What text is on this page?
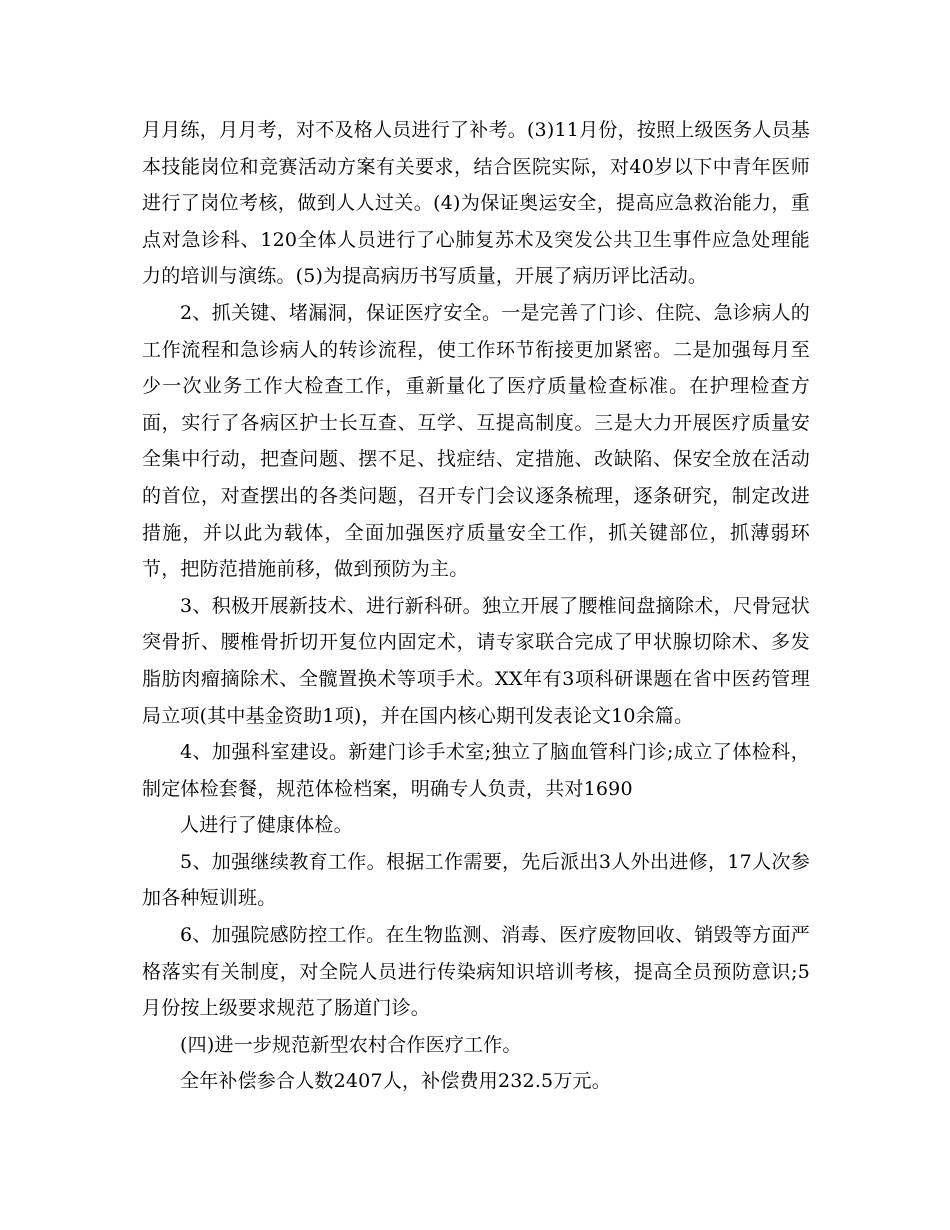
月月练，月月考，对不及格人员进行了补考。(3)11月份，按照上级医务人员基本技能岗位和竞赛活动方案有关要求，结合医院实际，对40岁以下中青年医师进行了岗位考核，做到人人过关。(4)为保证奥运安全，提高应急救治能力，重点对急诊科、120全体人员进行了心肺复苏术及突发公共卫生事件应急处理能力的培训与演练。(5)为提高病历书写质量，开展了病历评比活动。

2、抓关键、堵漏洞，保证医疗安全。一是完善了门诊、住院、急诊病人的工作流程和急诊病人的转诊流程，使工作环节衔接更加紧密。二是加强每月至少一次业务工作大检查工作，重新量化了医疗质量检查标准。在护理检查方面，实行了各病区护士长互查、互学、互提高制度。三是大力开展医疗质量安全集中行动，把查问题、摆不足、找症结、定措施、改缺陷、保安全放在活动的首位，对查摆出的各类问题，召开专门会议逐条梳理，逐条研究，制定改进措施，并以此为载体，全面加强医疗质量安全工作，抓关键部位，抓薄弱环节，把防范措施前移，做到预防为主。

3、积极开展新技术、进行新科研。独立开展了腰椎间盘摘除术，尺骨冠状突骨折、腰椎骨折切开复位内固定术，请专家联合完成了甲状腺切除术、多发脂肪肉瘤摘除术、全髋置换术等项手术。XX年有3项科研课题在省中医药管理局立项(其中基金资助1项)，并在国内核心期刊发表论文10余篇。

4、加强科室建设。新建门诊手术室;独立了脑血管科门诊;成立了体检科，制定体检套餐，规范体检档案，明确专人负责，共对1690

人进行了健康体检。

5、加强继续教育工作。根据工作需要，先后派出3人外出进修，17人次参加各种短训班。

6、加强院感防控工作。在生物监测、消毒、医疗废物回收、销毁等方面严格落实有关制度，对全院人员进行传染病知识培训考核，提高全员预防意识;5月份按上级要求规范了肠道门诊。

(四)进一步规范新型农村合作医疗工作。

全年补偿参合人数2407人，补偿费用232.5万元。
